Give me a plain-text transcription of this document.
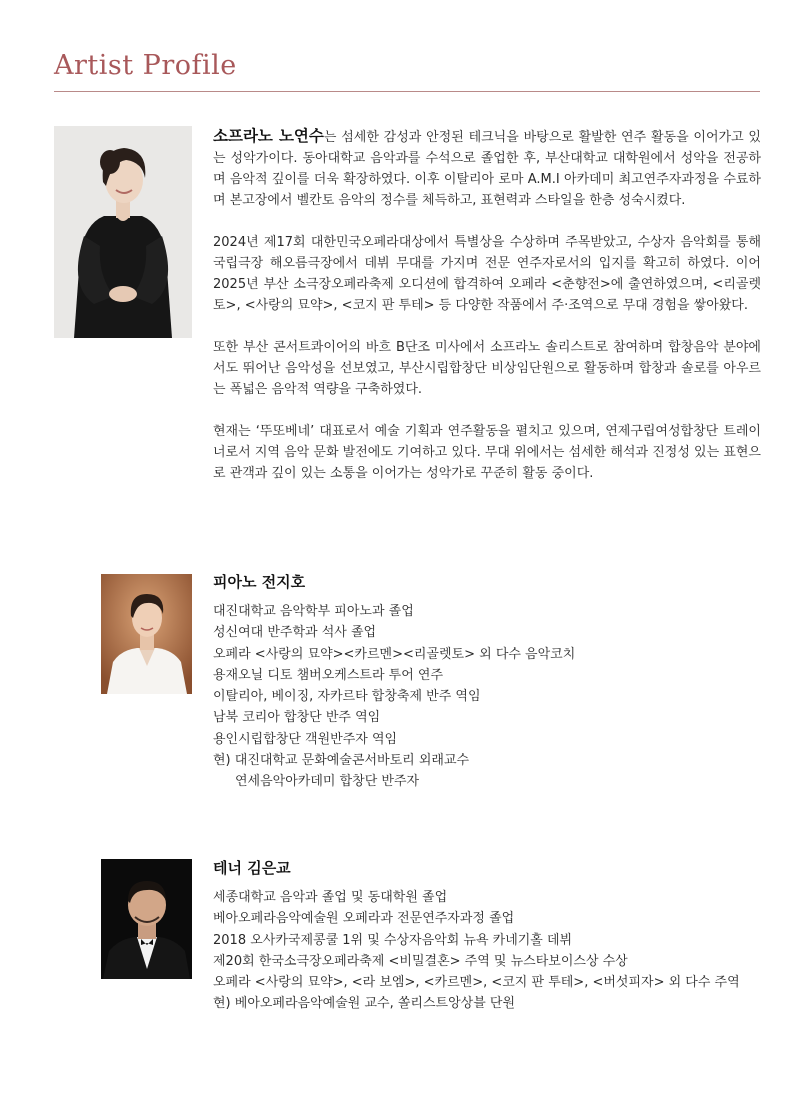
Artist Profile

소프라노 노연수는 섬세한 감성과 안정된 테크닉을 바탕으로 활발한 연주 활동을 이어가고 있는 성악가이다. 동아대학교 음악과를 수석으로 졸업한 후, 부산대학교 대학원에서 성악을 전공하며 음악적 깊이를 더욱 확장하였다. 이후 이탈리아 로마 A.M.I 아카데미 최고연주자과정을 수료하며 본고장에서 벨칸토 음악의 정수를 체득하고, 표현력과 스타일을 한층 성숙시켰다.

2024년 제17회 대한민국오페라대상에서 특별상을 수상하며 주목받았고, 수상자 음악회를 통해 국립극장 해오름극장에서 데뷔 무대를 가지며 전문 연주자로서의 입지를 확고히 하였다. 이어 2025년 부산 소극장오페라축제 오디션에 합격하여 오페라 <춘향전>에 출연하였으며, <리골렛토>, <사랑의 묘약>, <코지 판 투테> 등 다양한 작품에서 주·조역으로 무대 경험을 쌓아왔다.

또한 부산 콘서트콰이어의 바흐 B단조 미사에서 소프라노 솔리스트로 참여하며 합창음악 분야에서도 뛰어난 음악성을 선보였고, 부산시립합창단 비상임단원으로 활동하며 합창과 솔로를 아우르는 폭넓은 음악적 역량을 구축하였다.

현재는 ‘뚜또베네’ 대표로서 예술 기획과 연주활동을 펼치고 있으며, 연제구립여성합창단 트레이너로서 지역 음악 문화 발전에도 기여하고 있다. 무대 위에서는 섬세한 해석과 진정성 있는 표현으로 관객과 깊이 있는 소통을 이어가는 성악가로 꾸준히 활동 중이다.

피아노 전지호
대진대학교 음악학부 피아노과 졸업
성신여대 반주학과 석사 졸업
오페라 <사랑의 묘약><카르멘><리골렛토> 외 다수 음악코치
용재오닐 디토 챔버오케스트라 투어 연주
이탈리아, 베이징, 자카르타 합창축제 반주 역임
남북 코리아 합창단 반주 역임
용인시립합창단 객원반주자 역임
현) 대진대학교 문화예술콘서바토리 외래교수
연세음악아카데미 합창단 반주자
테너 김은교
세종대학교 음악과 졸업 및 동대학원 졸업
베아오페라음악예술원 오페라과 전문연주자과정 졸업
2018 오사카국제콩쿨 1위 및 수상자음악회 뉴욕 카네기홀 데뷔
제20회 한국소극장오페라축제 <비밀결혼> 주역 및 뉴스타보이스상 수상
오페라 <사랑의 묘약>, <라 보엠>, <카르멘>, <코지 판 투테>, <버섯피자> 외 다수 주역
현) 베아오페라음악예술원 교수, 쏠리스트앙상블 단원
